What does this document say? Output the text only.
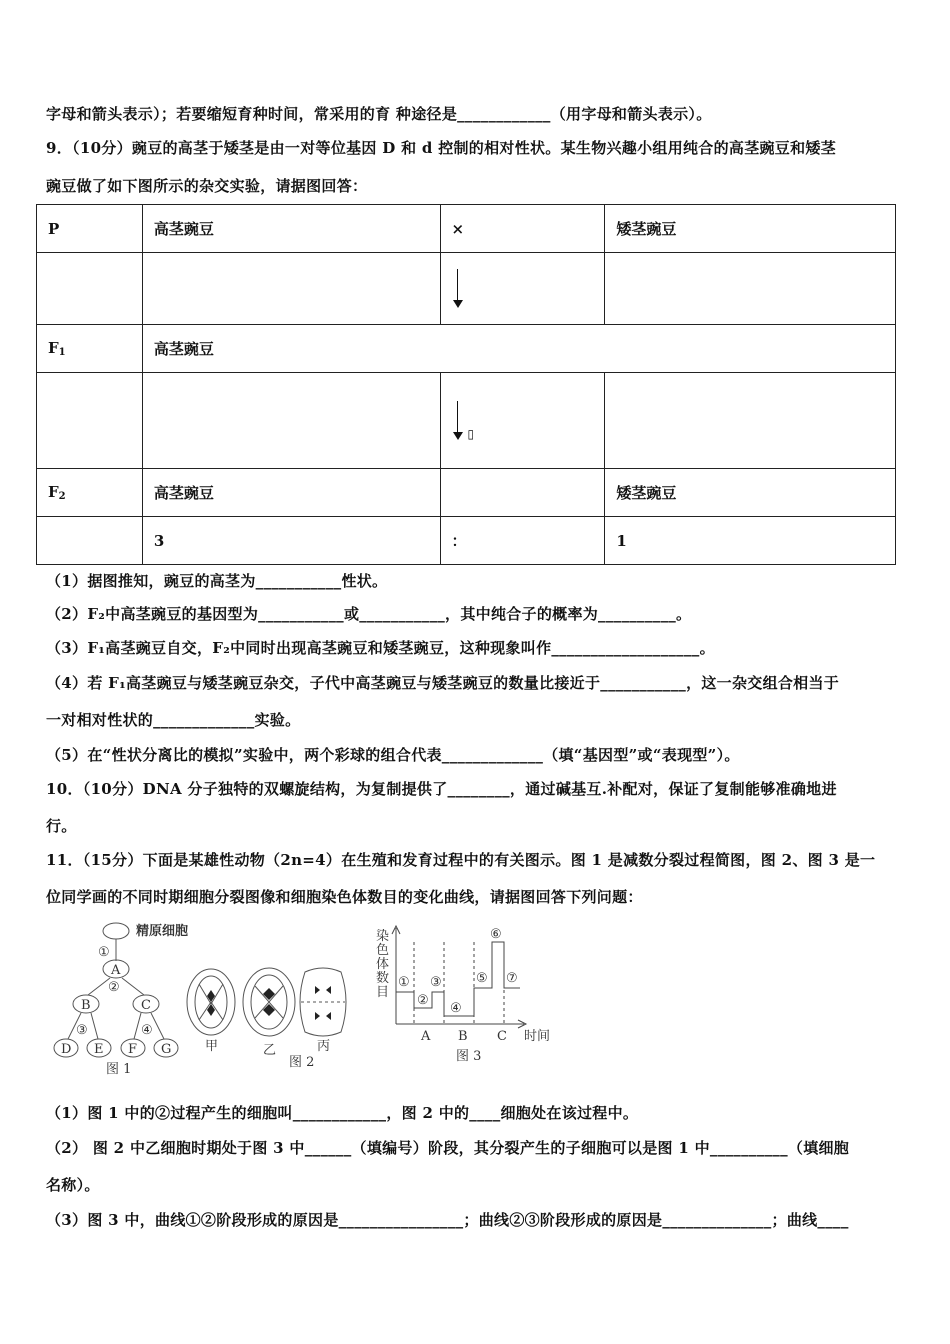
字母和箭头表示）；若要缩短育种时间，常采用的育 种途径是____________（用字母和箭头表示）。
9．（10分）豌豆的高茎于矮茎是由一对等位基因 D 和 d 控制的相对性状。某生物兴趣小组用纯合的高茎豌豆和矮茎
豌豆做了如下图所示的杂交实验，请据图回答：
P	高茎豌豆	×	矮茎豌豆

$F_1$	高茎豌豆		

		▯	

$F_2$	高茎豌豆		矮茎豌豆
	3	：	1
（1）据图推知，豌豆的高茎为___________性状。
（2）F₂中高茎豌豆的基因型为___________或___________，其中纯合子的概率为__________。
（3）F₁高茎豌豆自交，F₂中同时出现高茎豌豆和矮茎豌豆，这种现象叫作___________________。
（4）若 F₁高茎豌豆与矮茎豌豆杂交，子代中高茎豌豆与矮茎豌豆的数量比接近于___________，这一杂交组合相当于
一对相对性状的_____________实验。
（5）在“性状分离比的模拟”实验中，两个彩球的组合代表_____________（填“基因型”或“表现型”）。
10．（10分）DNA 分子独特的双螺旋结构，为复制提供了________，通过碱基互.补配对，保证了复制能够准确地进
行。
11．（15分）下面是某雄性动物（2n=4）在生殖和发育过程中的有关图示。图 1 是减数分裂过程简图，图 2、图 3 是一
位同学画的不同时期细胞分裂图像和细胞染色体数目的变化曲线，请据图回答下列问题：
精原细胞
①
②
③	④
A
B	C
D E F G
图 1
甲	乙	丙
图 2
染
色
体
数
目
①
②
③
④
⑤
⑥
⑦
A B C 时间
图 3
（1）图 1 中的②过程产生的细胞叫____________，图 2 中的____细胞处在该过程中。
（2） 图 2 中乙细胞时期处于图 3 中______（填编号）阶段，其分裂产生的子细胞可以是图 1 中__________（填细胞
名称）。
（3）图 3 中，曲线①②阶段形成的原因是________________；曲线②③阶段形成的原因是______________；曲线____
